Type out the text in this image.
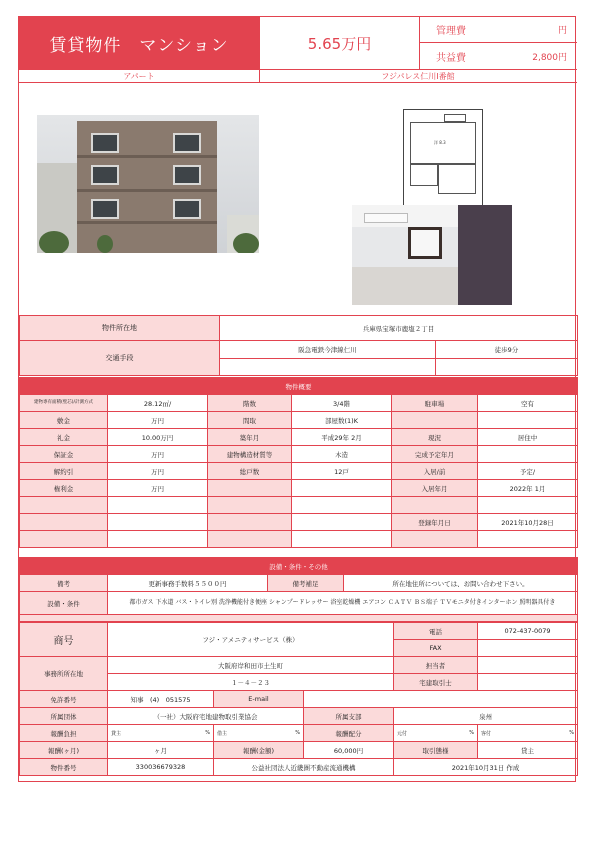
賃貸物件　マンション	5.65万円
管理費	円
共益費	2,800円
アパート	フジパレス仁川Ⅰ番館
洋 8.3
物件所在地	兵庫県宝塚市鹿塩２丁目	
交通手段	阪急電鉄今津線仁川	徒歩9分

物件概要					
建物専有面積(壁芯)/計測方式	28.12㎡/	階数	3/4階	駐車場	空有
敷金	万円	間取	部屋数(1)K		
礼金	10.00万円	築年月	平成29年 2月	現況	居住中
保証金	万円	建物構造材質等	木造	完成予定年月	
解約引	万円	総戸数	12戸	入居/前	予定/
権利金	万円			入居年月	2022年 1月

				登録年月日	2021年10月28日

設備・条件・その他			
備考	更新事務手数料５５００円	備考補足	所在地住所については、お問い合わせ下さい。
設備・条件	都市ガス 下水道 バス・トイレ別 洗浄機能付き便座 シャンプードレッサー 浴室乾燥機 エアコン ＣＡＴＶ ＢＳ端子 ＴＶモニタ付きインターホン 照明器具付き		

商号	フジ・アメニティサービス（株）			電話	072-437-0079
				FAX	
事務所所在地	大阪府岸和田市土生町			担当者	
	１－４－２３			宅建取引士	
免許番号	知事　(4)　051575	E-mail			
所属団体	（一社）大阪府宅地建物取引業協会		所属支部	泉州	
報酬負担	貸主 %	借主 %	報酬配分	元付 %	客付 %

報酬(ヶ月)	ヶ月	報酬(金額)	60,000円	取引態様	貸主
物件番号	330036679328	公益社団法人近畿圏不動産流通機構		2021年10月31日 作成	
